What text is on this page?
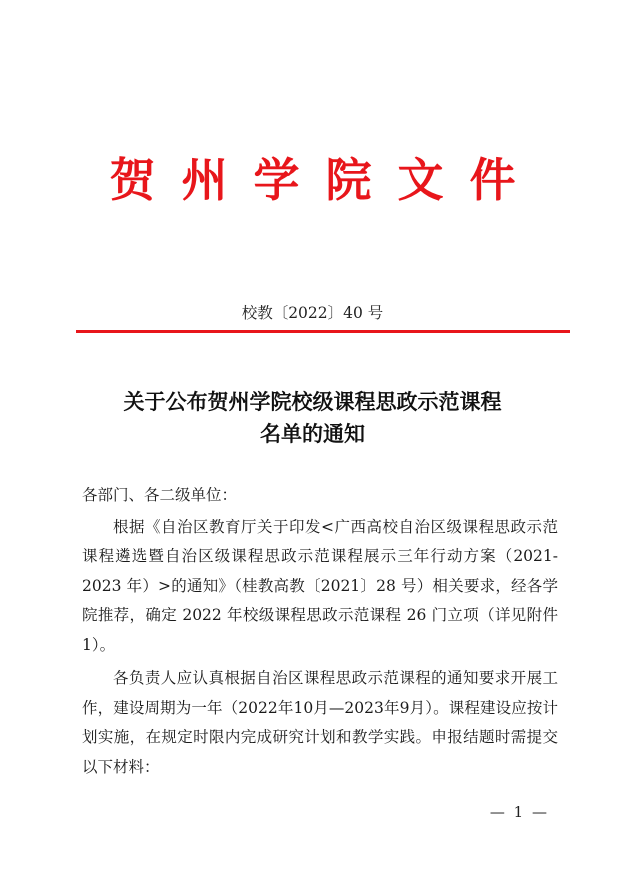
贺州学院文件
校教〔2022〕40 号
关于公布贺州学院校级课程思政示范课程
名单的通知

各部门、各二级单位：

根据《自治区教育厅关于印发<广西高校自治区级课程思政示范课程遴选暨自治区级课程思政示范课程展示三年行动方案（2021-2023 年）>的通知》（桂教高教〔2021〕28 号）相关要求，经各学院推荐，确定 2022 年校级课程思政示范课程 26 门立项（详见附件 1）。

各负责人应认真根据自治区课程思政示范课程的通知要求开展工作，建设周期为一年（2022年10月—2023年9月）。课程建设应按计划实施，在规定时限内完成研究计划和教学实践。申报结题时需提交以下材料：

— 1 —
